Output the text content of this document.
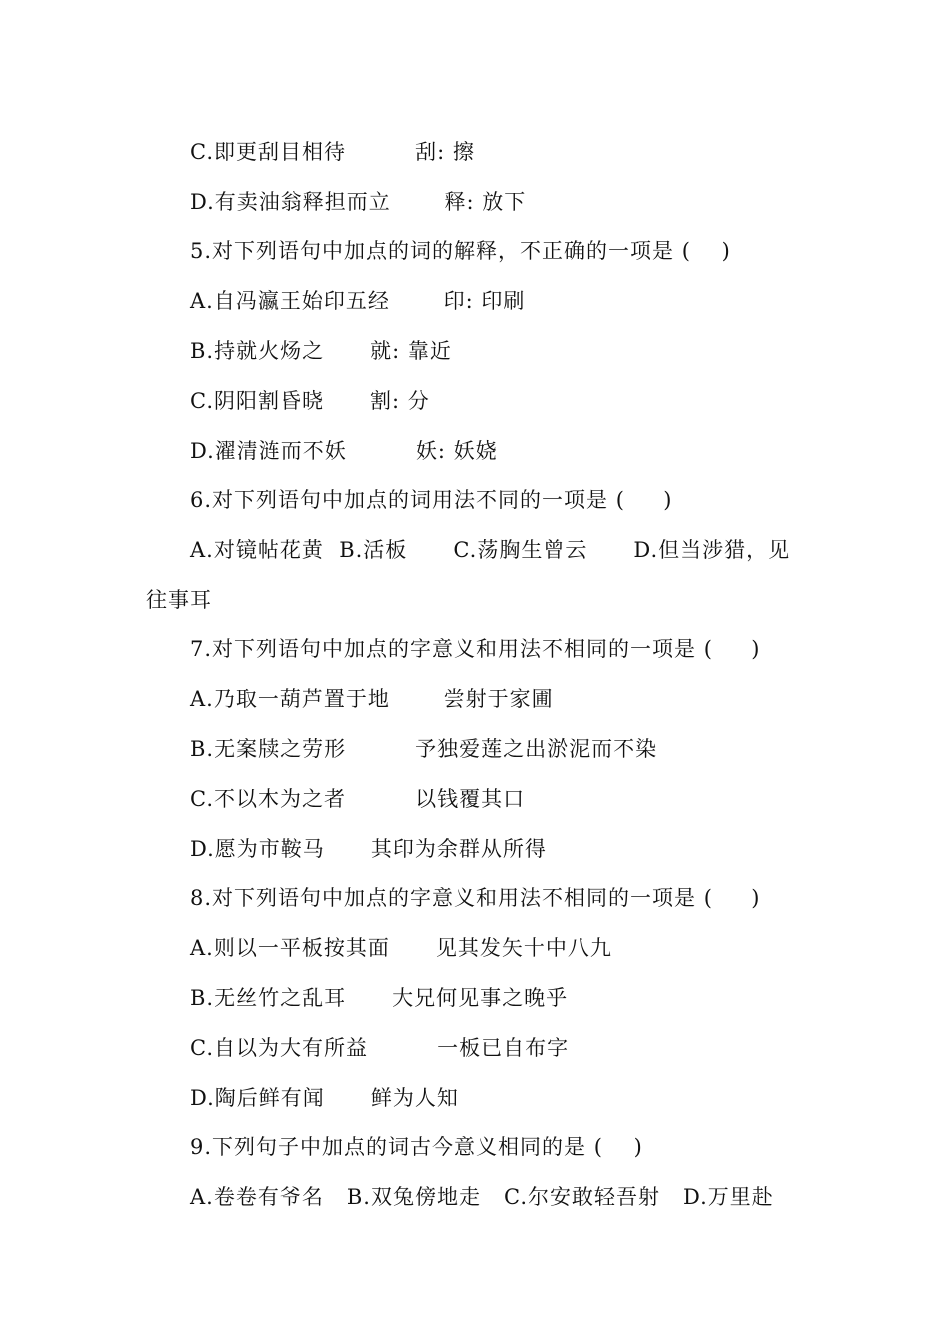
C.即更刮目相待         刮: 擦
D.有卖油翁释担而立       释: 放下
5.对下列语句中加点的词的解释，不正确的一项是 (    )
A.自冯瀛王始印五经       印: 印刷
B.持就火炀之      就: 靠近
C.阴阳割昏晓      割: 分
D.濯清涟而不妖         妖: 妖娆
6.对下列语句中加点的词用法不同的一项是 (     )
A.对镜帖花黄  B.活板      C.荡胸生曾云      D.但当涉猎，见
往事耳
7.对下列语句中加点的字意义和用法不相同的一项是 (     )
A.乃取一葫芦置于地       尝射于家圃
B.无案牍之劳形         予独爱莲之出淤泥而不染
C.不以木为之者         以钱覆其口
D.愿为市鞍马      其印为余群从所得
8.对下列语句中加点的字意义和用法不相同的一项是 (     )
A.则以一平板按其面      见其发矢十中八九
B.无丝竹之乱耳      大兄何见事之晚乎
C.自以为大有所益         一板已自布字
D.陶后鲜有闻      鲜为人知
9.下列句子中加点的词古今意义相同的是 (    )
A.卷卷有爷名   B.双兔傍地走   C.尔安敢轻吾射   D.万里赴
